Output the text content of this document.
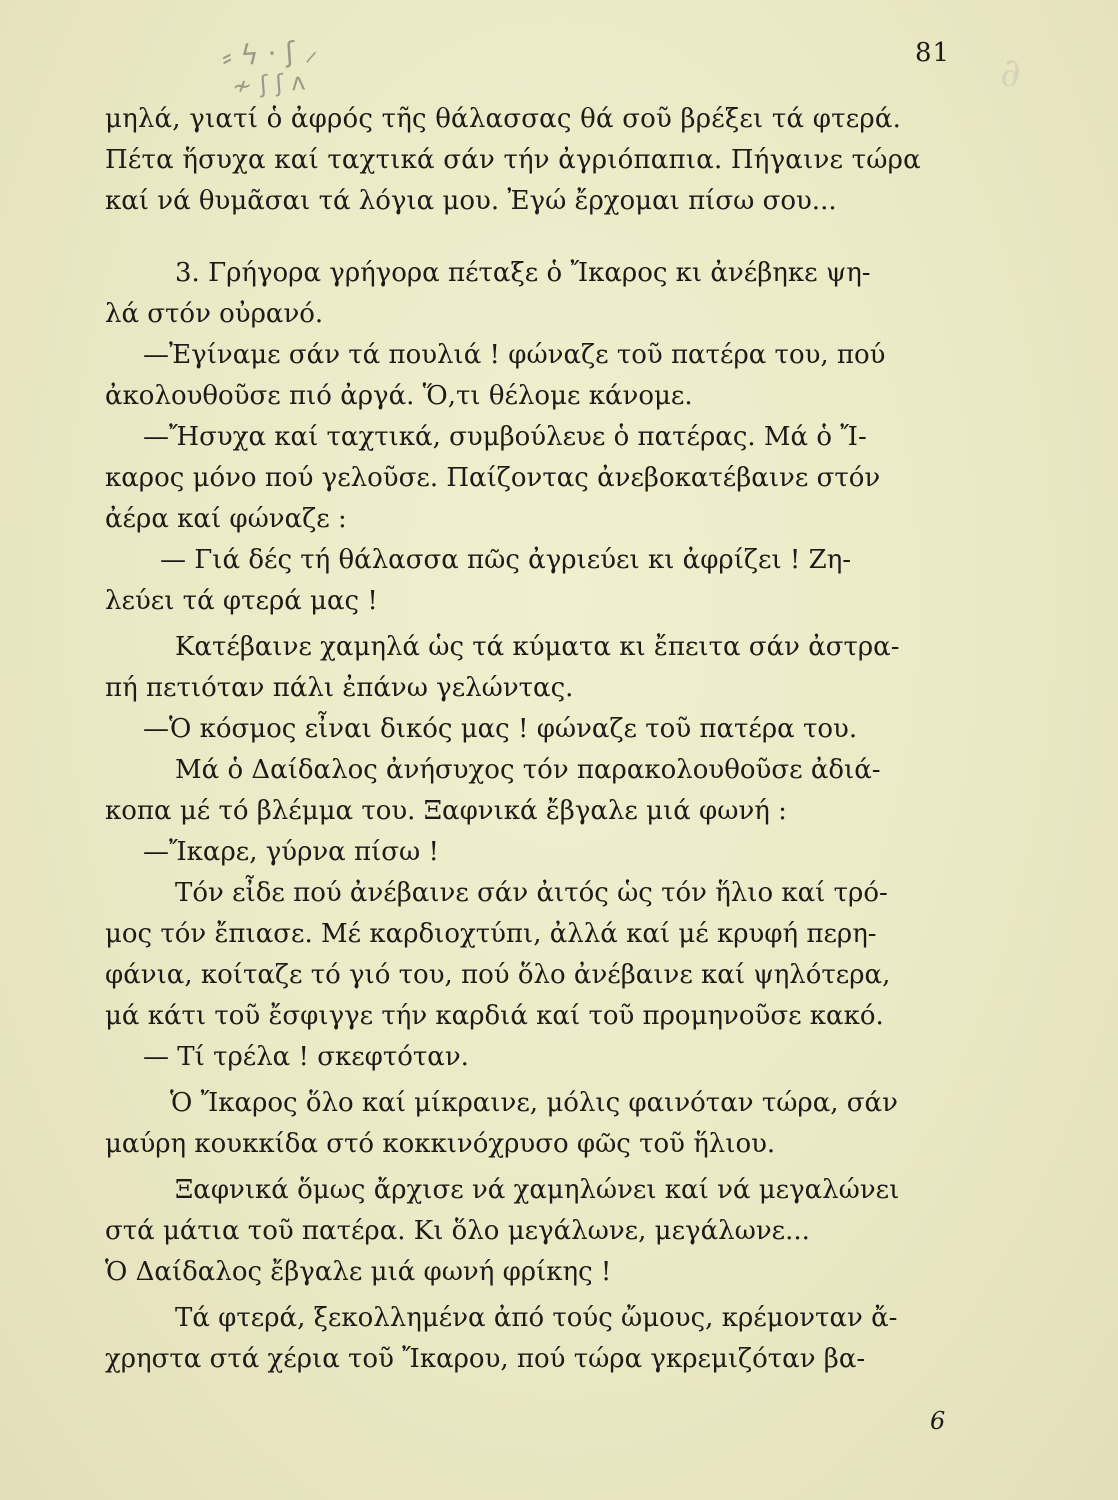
⸗ ϟ · ʃ ⸝
≁ ʃ ʃ ʌ	∂
81
μηλά, γιατί ὁ ἀφρός τῆς θάλασσας θά σοῦ βρέξει τά φτερά.
Πέτα ἥσυχα καί ταχτικά σάν τήν ἀγριόπαπια. Πήγαινε τώρα
καί νά θυμᾶσαι τά λόγια μου. Ἐγώ ἔρχομαι πίσω σου...
3. Γρήγορα γρήγορα πέταξε ὁ Ἴκαρος κι ἀνέβηκε ψη-
λά στόν οὐρανό.
—Ἐγίναμε σάν τά πουλιά ! φώναζε τοῦ πατέρα του, πού
ἀκολουθοῦσε πιό ἀργά. Ὅ,τι θέλομε κάνομε.
—Ἤσυχα καί ταχτικά, συμβούλευε ὁ πατέρας. Μά ὁ Ἴ-
καρος μόνο πού γελοῦσε. Παίζοντας ἀνεβοκατέβαινε στόν
ἀέρα καί φώναζε :
— Γιά δές τή θάλασσα πῶς ἀγριεύει κι ἀφρίζει ! Ζη-
λεύει τά φτερά μας !
Κατέβαινε χαμηλά ὡς τά κύματα κι ἔπειτα σάν ἀστρα-
πή πετιόταν πάλι ἐπάνω γελώντας.
—Ὁ κόσμος εἶναι δικός μας ! φώναζε τοῦ πατέρα του.
Μά ὁ Δαίδαλος ἀνήσυχος τόν παρακολουθοῦσε ἀδιά-
κοπα μέ τό βλέμμα του. Ξαφνικά ἔβγαλε μιά φωνή :
—Ἴκαρε, γύρνα πίσω !
Τόν εἶδε πού ἀνέβαινε σάν ἀιτός ὡς τόν ἥλιο καί τρό-
μος τόν ἔπιασε. Μέ καρδιοχτύπι, ἀλλά καί μέ κρυφή περη-
φάνια, κοίταζε τό γιό του, πού ὅλο ἀνέβαινε καί ψηλότερα,
μά κάτι τοῦ ἔσφιγγε τήν καρδιά καί τοῦ προμηνοῦσε κακό.
— Τί τρέλα ! σκεφτόταν.
Ὁ Ἴκαρος ὅλο καί μίκραινε, μόλις φαινόταν τώρα, σάν
μαύρη κουκκίδα στό κοκκινόχρυσο φῶς τοῦ ἥλιου.
Ξαφνικά ὅμως ἄρχισε νά χαμηλώνει καί νά μεγαλώνει
στά μάτια τοῦ πατέρα. Κι ὅλο μεγάλωνε, μεγάλωνε...
Ὁ Δαίδαλος ἔβγαλε μιά φωνή φρίκης !
Τά φτερά, ξεκολλημένα ἀπό τούς ὤμους, κρέμονταν ἄ-
χρηστα στά χέρια τοῦ Ἴκαρου, πού τώρα γκρεμιζόταν βα-
6
